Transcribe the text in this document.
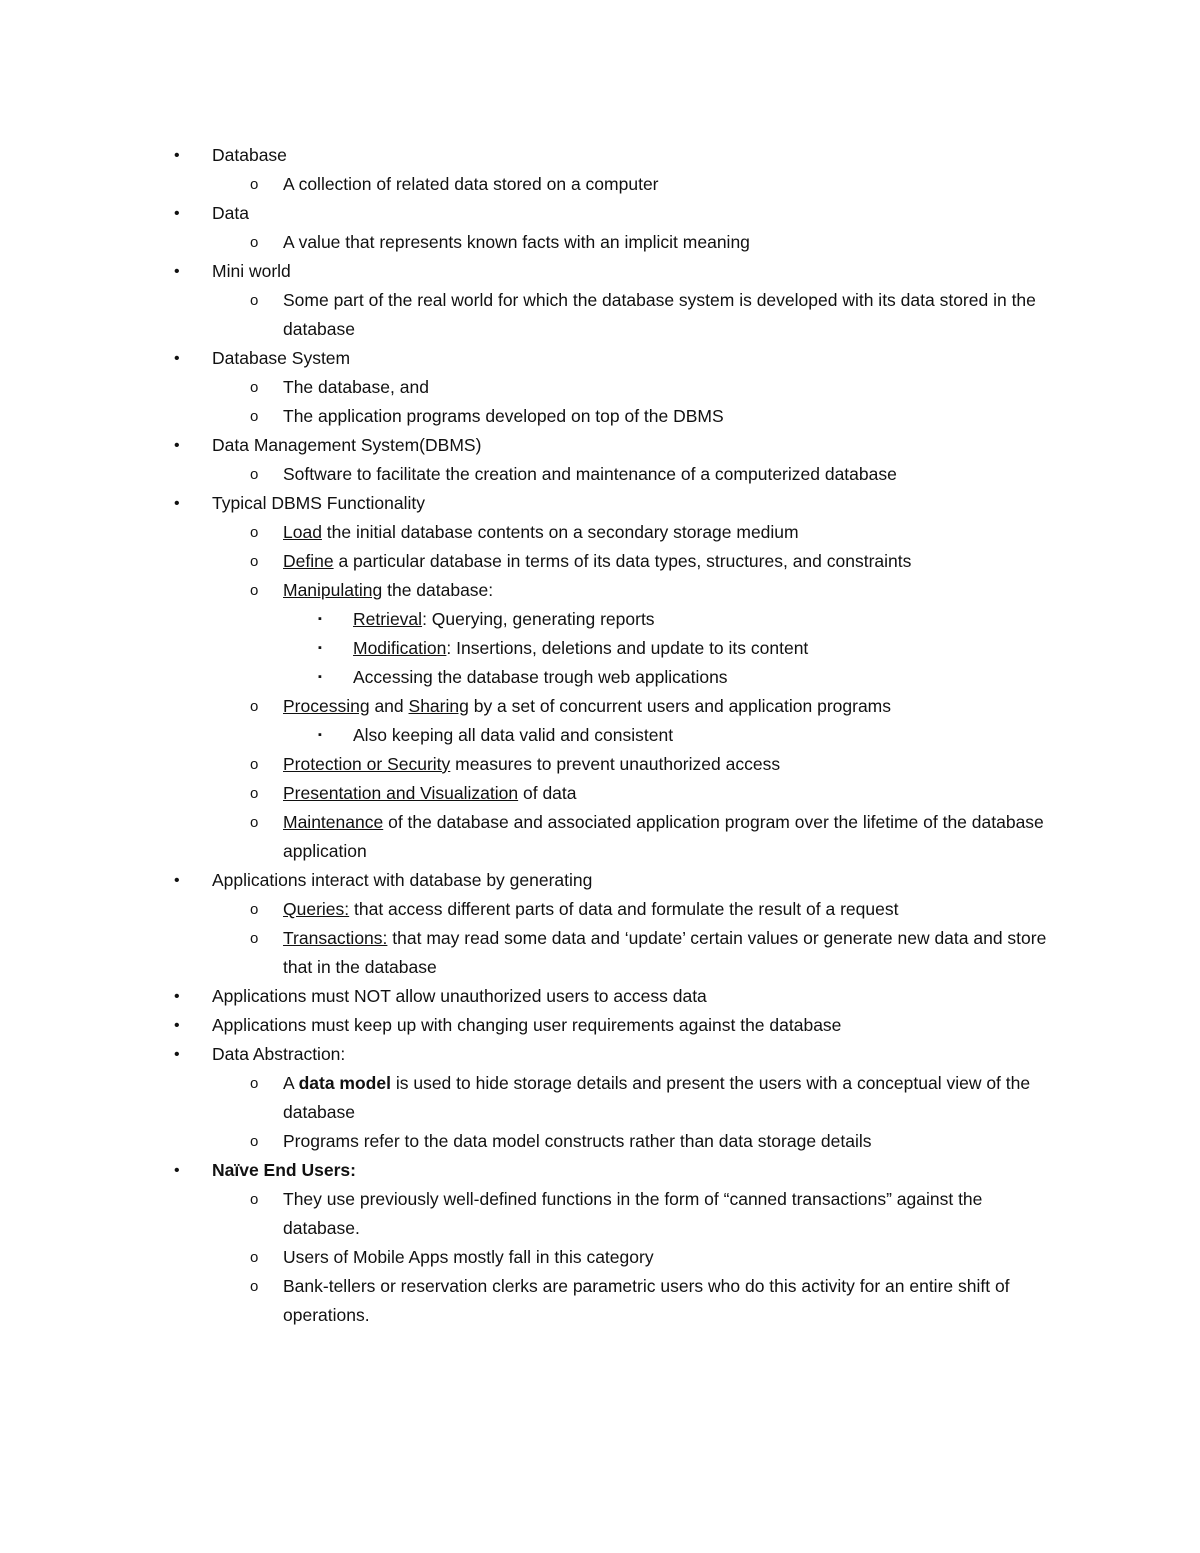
• Database
o A collection of related data stored on a computer
• Data
o A value that represents known facts with an implicit meaning
• Mini world
o Some part of the real world for which the database system is developed with its data stored in the database
• Database System
o The database, and
o The application programs developed on top of the DBMS
• Data Management System(DBMS)
o Software to facilitate the creation and maintenance of a computerized database
• Typical DBMS Functionality
o Load the initial database contents on a secondary storage medium
o Define a particular database in terms of its data types, structures, and constraints
o Manipulating the database:
▪ Retrieval: Querying, generating reports
▪ Modification: Insertions, deletions and update to its content
▪ Accessing the database trough web applications
o Processing and Sharing by a set of concurrent users and application programs
▪ Also keeping all data valid and consistent
o Protection or Security measures to prevent unauthorized access
o Presentation and Visualization of data
o Maintenance of the database and associated application program over the lifetime of the database application
• Applications interact with database by generating
o Queries: that access different parts of data and formulate the result of a request
o Transactions: that may read some data and ‘update’ certain values or generate new data and store that in the database
• Applications must NOT allow unauthorized users to access data
• Applications must keep up with changing user requirements against the database
• Data Abstraction:
o A data model is used to hide storage details and present the users with a conceptual view of the database
o Programs refer to the data model constructs rather than data storage details
• Naïve End Users:
o They use previously well-defined functions in the form of “canned transactions” against the database.
o Users of Mobile Apps mostly fall in this category
o Bank-tellers or reservation clerks are parametric users who do this activity for an entire shift of operations.
